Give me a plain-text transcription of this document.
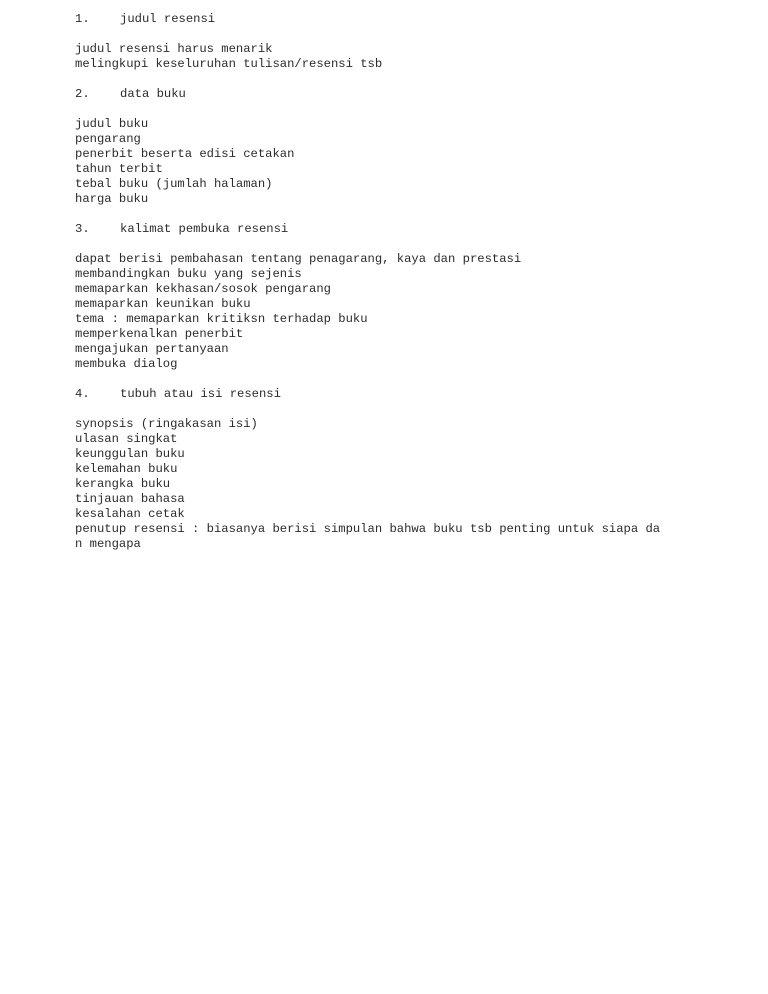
1. judul resensi
judul resensi harus menarik
melingkupi keseluruhan tulisan/resensi tsb
2. data buku
judul buku
pengarang
penerbit beserta edisi cetakan
tahun terbit
tebal buku (jumlah halaman)
harga buku
3. kalimat pembuka resensi
dapat berisi pembahasan tentang penagarang, kaya dan prestasi
membandingkan buku yang sejenis
memaparkan kekhasan/sosok pengarang
memaparkan keunikan buku
tema : memaparkan kritiksn terhadap buku
memperkenalkan penerbit
mengajukan pertanyaan
membuka dialog
4. tubuh atau isi resensi
synopsis (ringakasan isi)
ulasan singkat
keunggulan buku
kelemahan buku
kerangka buku
tinjauan bahasa
kesalahan cetak
penutup resensi : biasanya berisi simpulan bahwa buku tsb penting untuk siapa da
n mengapa
